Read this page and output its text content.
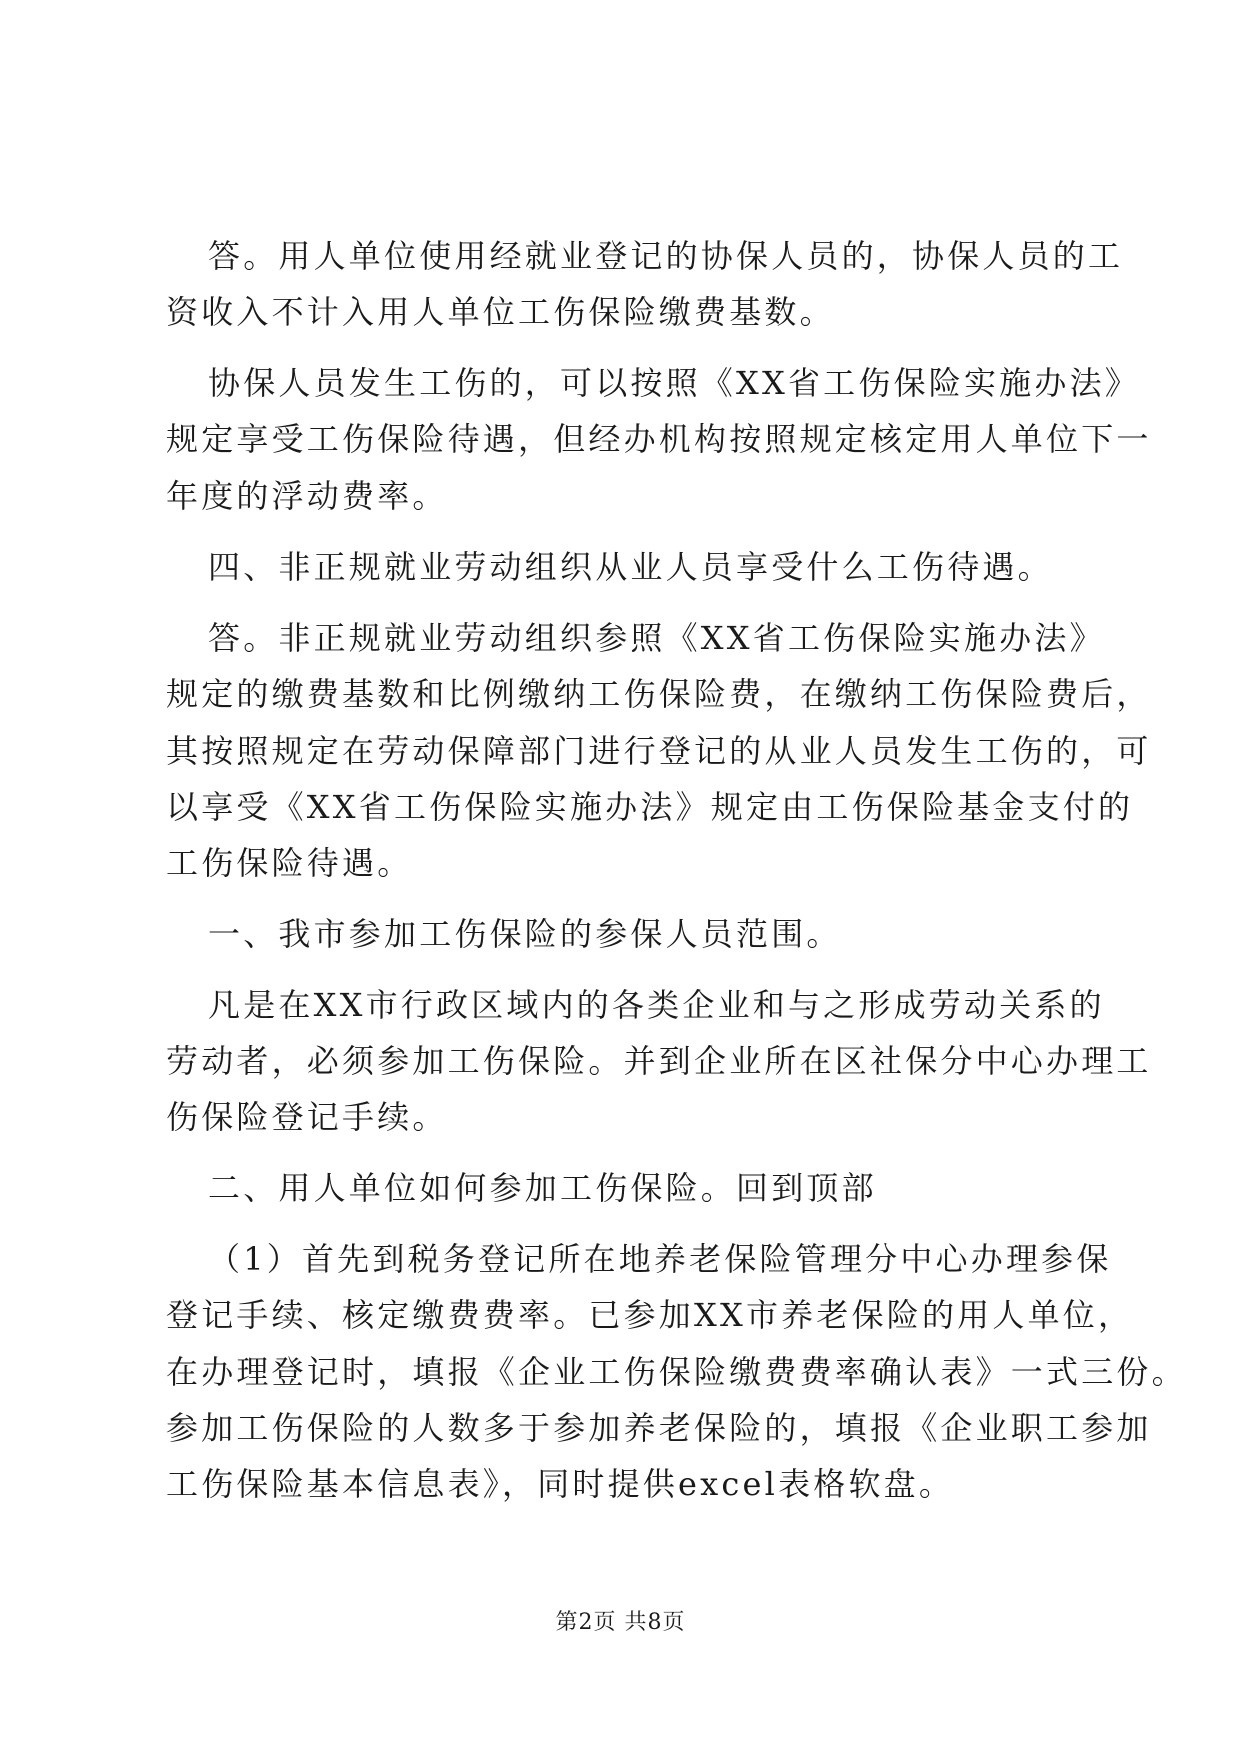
答。用人单位使用经就业登记的协保人员的，协保人员的工
资收入不计入用人单位工伤保险缴费基数。
协保人员发生工伤的，可以按照《XX省工伤保险实施办法》
规定享受工伤保险待遇，但经办机构按照规定核定用人单位下一
年度的浮动费率。
四、非正规就业劳动组织从业人员享受什么工伤待遇。
答。非正规就业劳动组织参照《XX省工伤保险实施办法》
规定的缴费基数和比例缴纳工伤保险费，在缴纳工伤保险费后，
其按照规定在劳动保障部门进行登记的从业人员发生工伤的，可
以享受《XX省工伤保险实施办法》规定由工伤保险基金支付的
工伤保险待遇。
一、我市参加工伤保险的参保人员范围。
凡是在XX市行政区域内的各类企业和与之形成劳动关系的
劳动者，必须参加工伤保险。并到企业所在区社保分中心办理工
伤保险登记手续。
二、用人单位如何参加工伤保险。回到顶部
（1）首先到税务登记所在地养老保险管理分中心办理参保
登记手续、核定缴费费率。已参加XX市养老保险的用人单位，
在办理登记时，填报《企业工伤保险缴费费率确认表》一式三份。
参加工伤保险的人数多于参加养老保险的，填报《企业职工参加
工伤保险基本信息表》，同时提供excel表格软盘。
第2页 共8页
